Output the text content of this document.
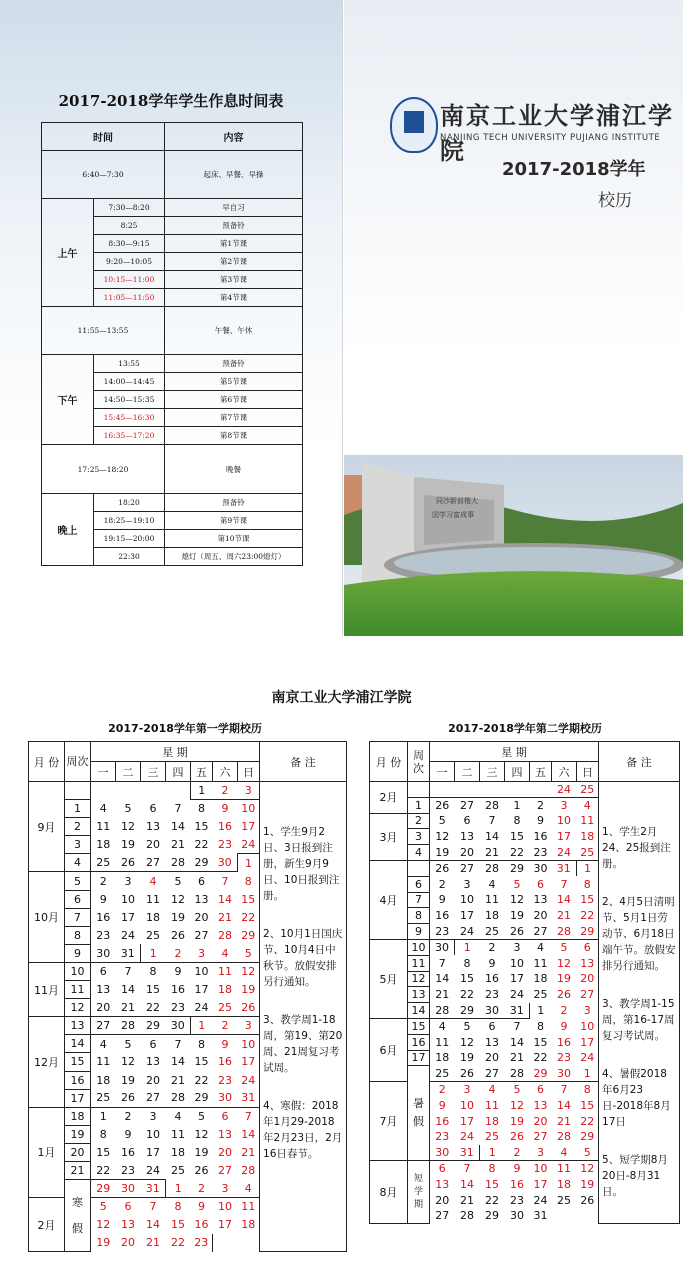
2017-2018学年学生作息时间表
时间		内容
6:40—7:30		起床、早餐、早操
上午	7:30—8:20	早自习
	8:25	预备铃
	8:30—9:15	第1节课
	9:20—10:05	第2节课
	10:15—11:00	第3节课
	11:05—11:50	第4节课
11:55—13:55		午餐、午休
下午	13:55	预备铃
	14:00—14:45	第5节课
	14:50—15:35	第6节课
	15:45—16:30	第7节课
	16:35—17:20	第8节课
17:25—18:20		晚餐
晚上	18:20	预备铃
	18:25—19:10	第9节课
	19:15—20:00	第10节课
	22:30	熄灯（周五、周六23:00熄灯）
南京工业大学浦江学院
NANJING TECH UNIVERSITY PUJIANG INSTITUTE
2017-2018学年
校历
同沙新前楷大
囯学习富成事
南京工业大学浦江学院
2017-2018学年第一学期校历	2017-2018学年第二学期校历
月 份	周次	星 期							备 注
		一	二	三	四	五	六	日	
9月						1	2	3	1、学生9月2日、3日报到注册，新生9月9日、10日报到注册。

2、10月1日国庆节、10月4日中秋节。放假安排另行通知。

3、教学周1-18周，第19、第20周、21周复习考试周。

4、寒假：2018年1月29-2018年2月23日，2月16日春节。

	1	4	5	6	7	8	9	10	
	2	11	12	13	14	15	16	17	
	3	18	19	20	21	22	23	24	
	4	25	26	27	28	29	30	1	
10月	5	2	3	4	5	6	7	8	
	6	9	10	11	12	13	14	15	
	7	16	17	18	19	20	21	22	
	8	23	24	25	26	27	28	29	
	9	30	31	1	2	3	4	5	
11月	10	6	7	8	9	10	11	12	
	11	13	14	15	16	17	18	19	
	12	20	21	22	23	24	25	26	
12月	13	27	28	29	30	1	2	3	
	14	4	5	6	7	8	9	10	
	15	11	12	13	14	15	16	17	
	16	18	19	20	21	22	23	24	
	17	25	26	27	28	29	30	31	
1月	18	1	2	3	4	5	6	7	
	19	8	9	10	11	12	13	14	
	20	15	16	17	18	19	20	21	
	21	22	23	24	25	26	27	28	
	寒假	29	30	31	1	2	3	4	
2月		5	6	7	8	9	10	11	
		12	13	14	15	16	17	18	
		19	20	21	22	23			
月 份	周次	星 期							备 注
		一	二	三	四	五	六	日	
2月							24	25	1、学生2月24、25报到注册。

2、4月5日清明节、5月1日劳动节、6月18日端午节。放假安排另行通知。

3、教学周1-15周，第16-17周复习考试周。

4、暑假2018年6月23日-2018年8月17日

5、短学期8月20日-8月31日。

	1	26	27	28	1	2	3	4	
3月	2	5	6	7	8	9	10	11	
	3	12	13	14	15	16	17	18	
	4	19	20	21	22	23	24	25	
4月		26	27	28	29	30	31	1	
	6	2	3	4	5	6	7	8	
	7	9	10	11	12	13	14	15	
	8	16	17	18	19	20	21	22	
	9	23	24	25	26	27	28	29	
5月	10	30	1	2	3	4	5	6	
	11	7	8	9	10	11	12	13	
	12	14	15	16	17	18	19	20	
	13	21	22	23	24	25	26	27	
	14	28	29	30	31	1	2	3	
6月	15	4	5	6	7	8	9	10	
	16	11	12	13	14	15	16	17	
	17	18	19	20	21	22	23	24	
	暑假	25	26	27	28	29	30	1	
7月		2	3	4	5	6	7	8	
		9	10	11	12	13	14	15	
		16	17	18	19	20	21	22	
		23	24	25	26	27	28	29	
		30	31	1	2	3	4	5	
8月	短学期	6	7	8	9	10	11	12	
		13	14	15	16	17	18	19	
		20	21	22	23	24	25	26	
		27	28	29	30	31			
